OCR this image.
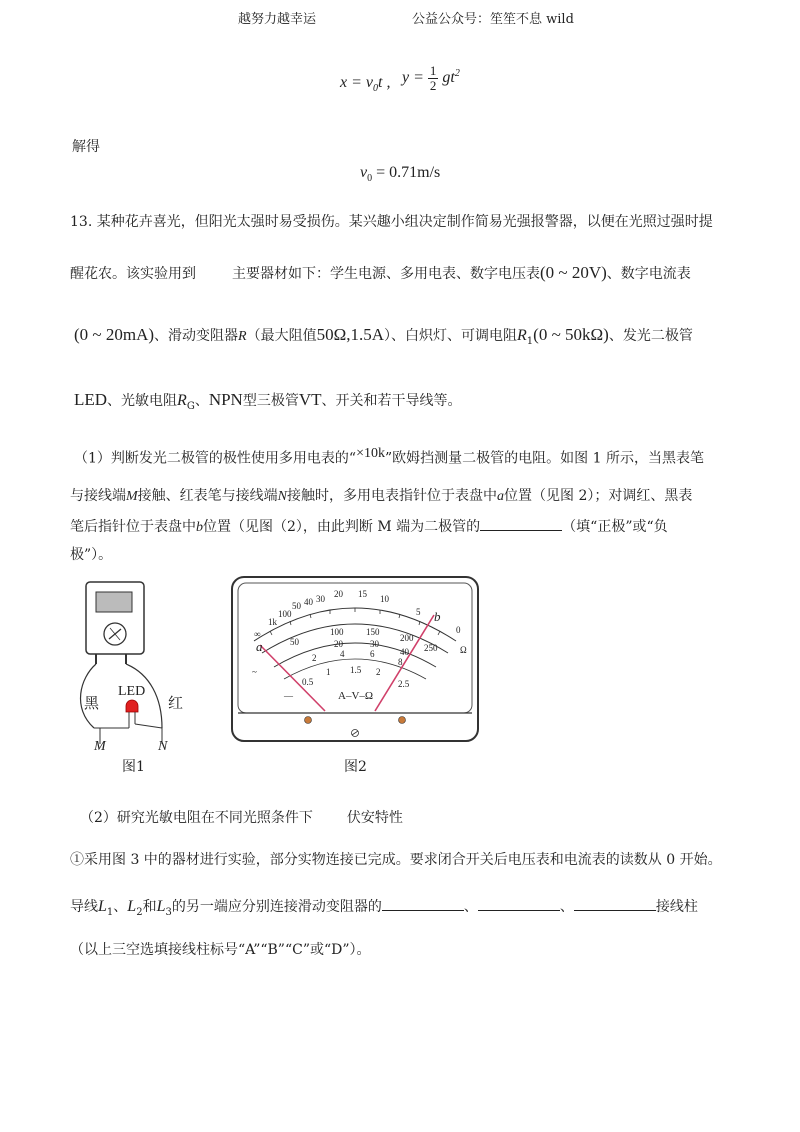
越努力越幸运	公益公众号：笙笙不息 wild
$x = v_0t$ , $y = \frac{1}{2} gt^2$
解得
$v_0 = 0.71m/s$
13. 某种花卉喜光，但阳光太强时易受损伤。某兴趣小组决定制作简易光强报警器，以便在光照过强时提
醒花农。该实验用到	主要器材如下：学生电源、多用电表、数字电压表(0 ~ 20V)、数字电流表
(0 ~ 20mA)、滑动变阻器R（最大阻值50Ω,1.5A）、白炽灯、可调电阻$R_1(0$ ~ 50kΩ)、发光二极管
LED、光敏电阻$R_G$、NPN型三极管VT、开关和若干导线等。
（1）判断发光二极管的极性使用多用电表的“$^{\times 10k}$”欧姆挡测量二极管的电阻。如图 1 所示，当黑表笔
与接线端M接触、红表笔与接线端N接触时，多用电表指针位于表盘中a位置（见图 2）；对调红、黑表
笔后指针位于表盘中b位置（见图（2），由此判断 M 端为二极管的	（填“正极”或“负
极”）。
黑	红
LED
M	N
图1
∞
1k
100
50 40 30 20 15 10
5
0
50
100	150
200
250
20	30
40
2	4	6
8
0.5
1 1.5 2
2.5
Ω
~
—
a
b
A–V–Ω
图2
（2）研究光敏电阻在不同光照条件下 伏安特性
①采用图 3 中的器材进行实验，部分实物连接已完成。要求闭合开关后电压表和电流表的读数从 0 开始。
导线$L_1$、$L_2$和$L_3$的另一端应分别连接滑动变阻器的	、	、	接线柱
（以上三空选填接线柱标号“A”“B”“C”或“D”）。
